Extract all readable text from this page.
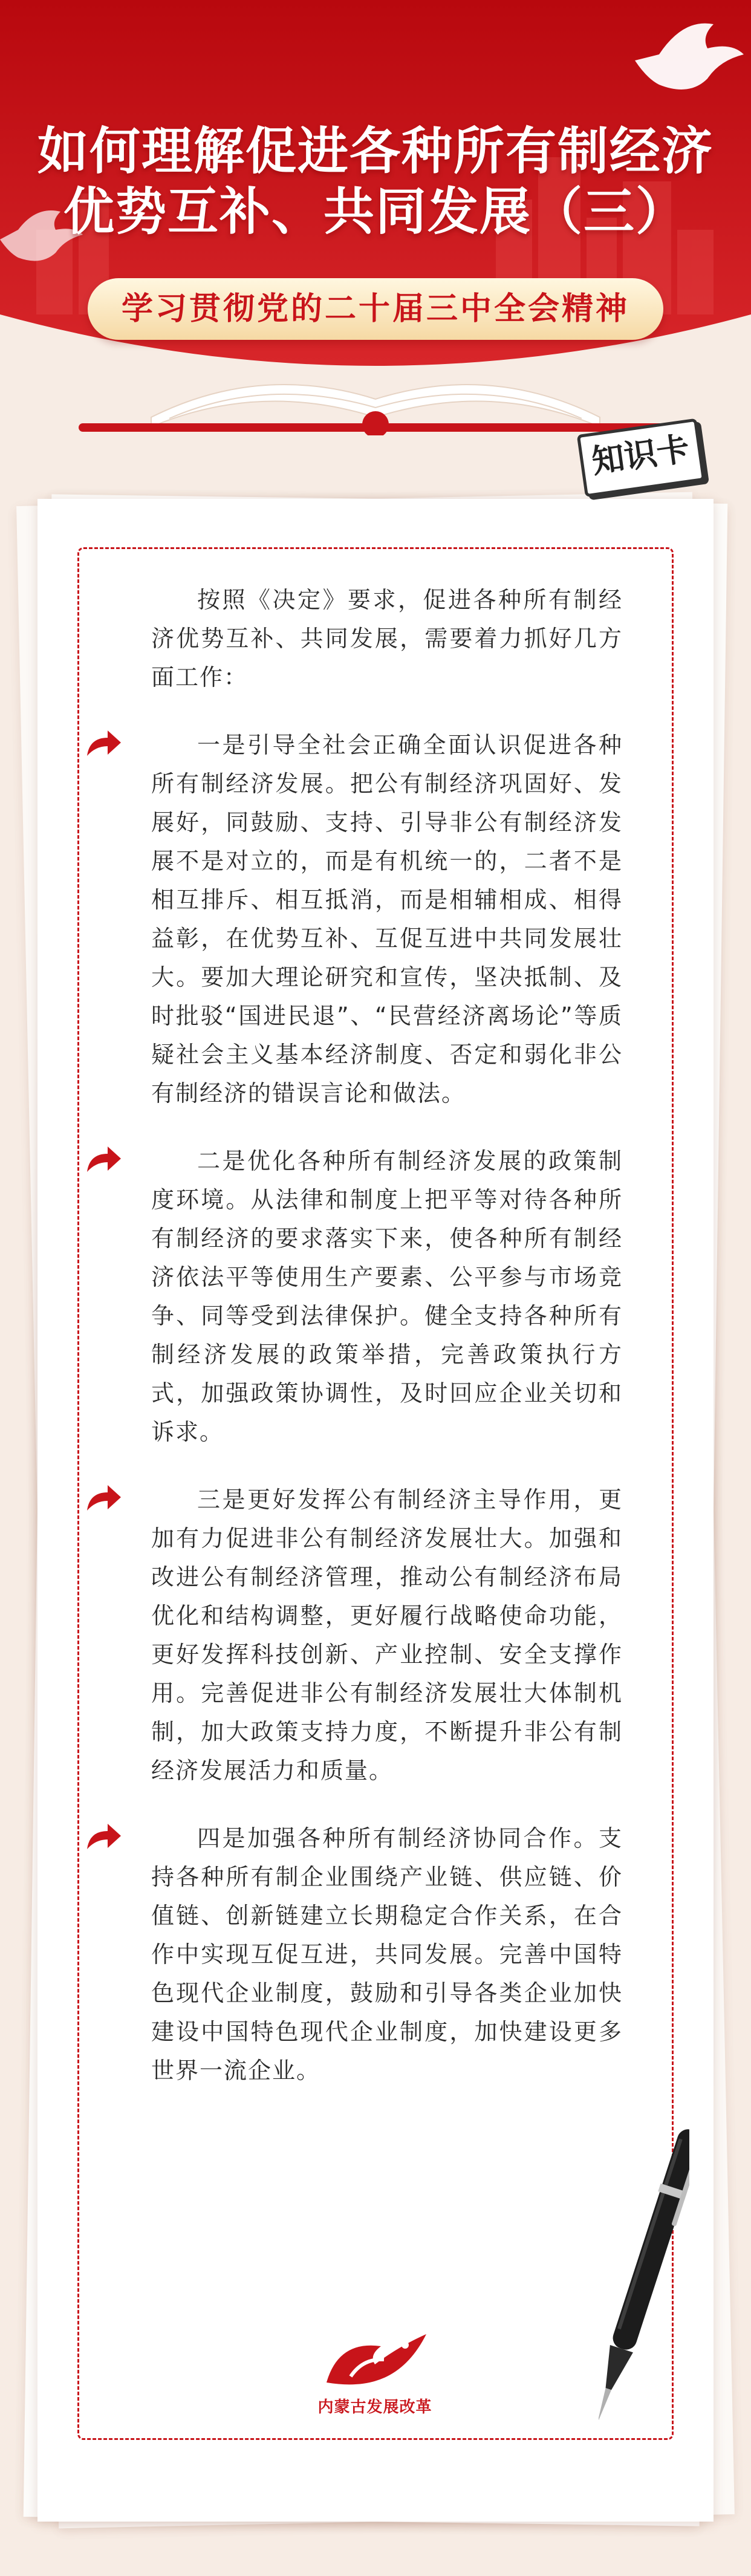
如何理解促进各种所有制经济
优势互补、共同发展（三）
学习贯彻党的二十届三中全会精神
知识卡

按照《决定》要求，促进各种所有制经济优势互补、共同发展，需要着力抓好几方面工作：

一是引导全社会正确全面认识促进各种所有制经济发展。把公有制经济巩固好、发展好，同鼓励、支持、引导非公有制经济发展不是对立的，而是有机统一的，二者不是相互排斥、相互抵消，而是相辅相成、相得益彰，在优势互补、互促互进中共同发展壮大。要加大理论研究和宣传，坚决抵制、及时批驳“国进民退”、“民营经济离场论”等质疑社会主义基本经济制度、否定和弱化非公有制经济的错误言论和做法。

二是优化各种所有制经济发展的政策制度环境。从法律和制度上把平等对待各种所有制经济的要求落实下来，使各种所有制经济依法平等使用生产要素、公平参与市场竞争、同等受到法律保护。健全支持各种所有制经济发展的政策举措，完善政策执行方式，加强政策协调性，及时回应企业关切和诉求。

三是更好发挥公有制经济主导作用，更加有力促进非公有制经济发展壮大。加强和改进公有制经济管理，推动公有制经济布局优化和结构调整，更好履行战略使命功能，更好发挥科技创新、产业控制、安全支撑作用。完善促进非公有制经济发展壮大体制机制，加大政策支持力度，不断提升非公有制经济发展活力和质量。

四是加强各种所有制经济协同合作。支持各种所有制企业围绕产业链、供应链、价值链、创新链建立长期稳定合作关系，在合作中实现互促互进，共同发展。完善中国特色现代企业制度，鼓励和引导各类企业加快建设中国特色现代企业制度，加快建设更多世界一流企业。

内蒙古发展改革
